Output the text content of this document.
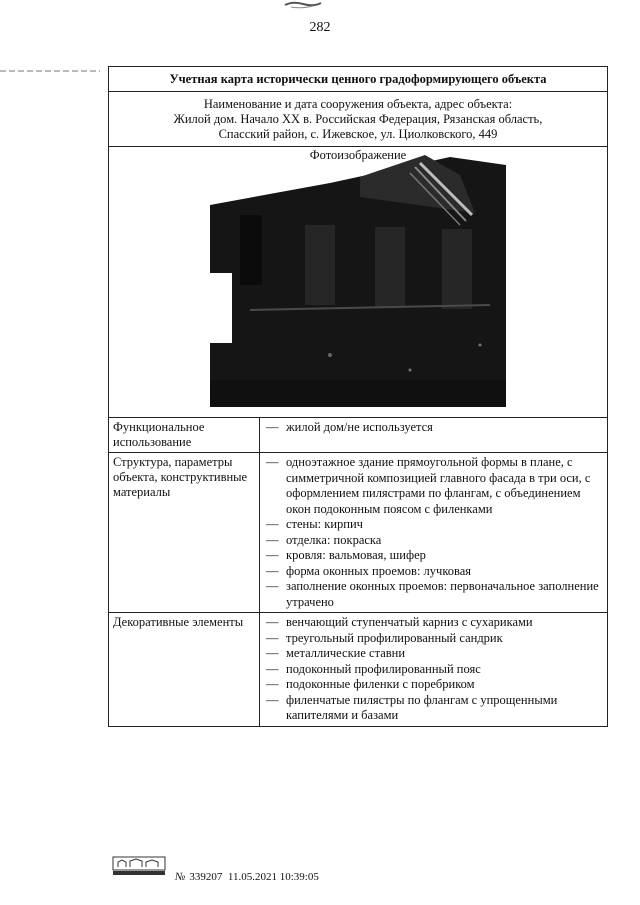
282
Учетная карта исторически ценного градоформирующего объекта
Наименование и дата сооружения объекта, адрес объекта:
Жилой дом. Начало XX в. Российская Федерация, Рязанская область,
Спасский район, с. Ижевское, ул. Циолковского, 449
Фотоизображение
Функциональное использование
— жилой дом/не используется
Структура, параметры объекта, конструктивные материалы
— одноэтажное здание прямоугольной формы в плане, с симметричной композицией главного фасада в три оси, с оформлением пилястрами по флангам, с объединением окон подоконным поясом с филенками
— стены: кирпич
— отделка: покраска
— кровля: вальмовая, шифер
— форма оконных проемов: лучковая
— заполнение оконных проемов: первоначальное заполнение утрачено
Декоративные элементы	— венчающий ступенчатый карниз с сухариками
— треугольный профилированный сандрик
— металлические ставни
— подоконный профилированный пояс
— подоконные филенки с поребриком
— филенчатые пилястры по флангам с упрощенными капителями и базами
№ 339207 11.05.2021 10:39:05
